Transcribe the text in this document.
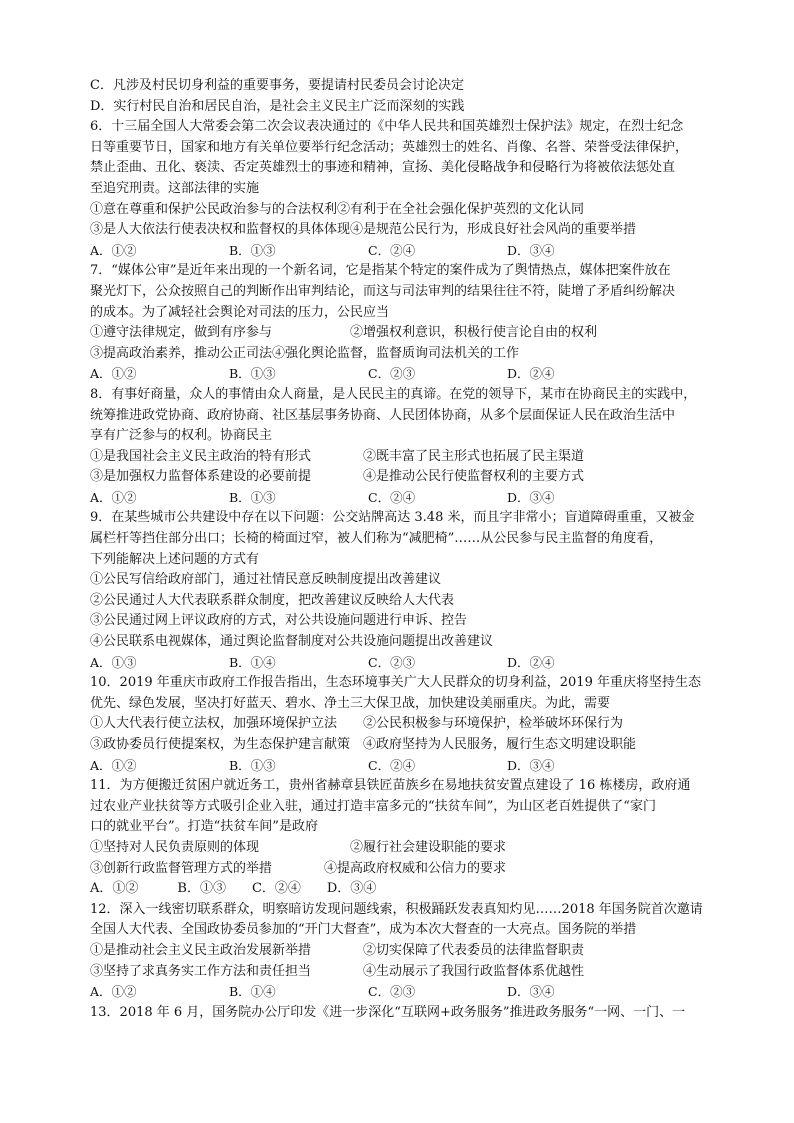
C．凡涉及村民切身利益的重要事务，要提请村民委员会讨论决定
D．实行村民自治和居民自治，是社会主义民主广泛而深刻的实践
6．十三届全国人大常委会第二次会议表决通过的《中华人民共和国英雄烈士保护法》规定，在烈士纪念
日等重要节日，国家和地方有关单位要举行纪念活动；英雄烈士的姓名、肖像、名誉、荣誉受法律保护，
禁止歪曲、丑化、亵渎、否定英雄烈士的事迹和精神，宣扬、美化侵略战争和侵略行为将被依法惩处直
至追究刑责。这部法律的实施
①意在尊重和保护公民政治参与的合法权利②有利于在全社会强化保护英烈的文化认同
③是人大依法行使表决权和监督权的具体体现④是规范公民行为，形成良好社会风尚的重要举措
A．①②	B．①③	C．②④	D．③④
7．“媒体公审”是近年来出现的一个新名词，它是指某个特定的案件成为了舆情热点，媒体把案件放在
聚光灯下，公众按照自己的判断作出审判结论，而这与司法审判的结果往往不符，陡增了矛盾纠纷解决
的成本。为了减轻社会舆论对司法的压力，公民应当
①遵守法律规定，做到有序参与　　　　　　②增强权利意识，积极行使言论自由的权利
③提高政治素养，推动公正司法④强化舆论监督，监督质询司法机关的工作
A．①②	B．①③	C．②③	D．②④
8．有事好商量，众人的事情由众人商量，是人民民主的真谛。在党的领导下，某市在协商民主的实践中，
统筹推进政党协商、政府协商、社区基层事务协商、人民团体协商，从多个层面保证人民在政治生活中
享有广泛参与的权利。协商民主
①是我国社会主义民主政治的特有形式　　　　②既丰富了民主形式也拓展了民主渠道
③是加强权力监督体系建设的必要前提　　　　④是推动公民行使监督权利的主要方式
A．①②	B．①③	C．②④	D．③④
9．在某些城市公共建设中存在以下问题：公交站牌高达 3.48 米，而且字非常小；盲道障碍重重，又被金
属栏杆等挡住部分出口；长椅的椅面过窄，被人们称为“减肥椅”……从公民参与民主监督的角度看，
下列能解决上述问题的方式有
①公民写信给政府部门，通过社情民意反映制度提出改善建议
②公民通过人大代表联系群众制度，把改善建议反映给人大代表
③公民通过网上评议政府的方式，对公共设施问题进行申诉、控告
④公民联系电视媒体，通过舆论监督制度对公共设施问题提出改善建议
A．①③	B．①④	C．②③	D．②④
10．2019 年重庆市政府工作报告指出，生态环境事关广大人民群众的切身利益，2019 年重庆将坚持生态
优先、绿色发展，坚决打好蓝天、碧水、净土三大保卫战，加快建设美丽重庆。为此，需要
①人大代表行使立法权，加强环境保护立法　　②公民积极参与环境保护，检举破坏环保行为
③政协委员行使提案权，为生态保护建言献策　④政府坚持为人民服务，履行生态文明建设职能
A．①②	B．①③	C．②④	D．③④
11．为方便搬迁贫困户就近务工，贵州省赫章县铁匠苗族乡在易地扶贫安置点建设了 16 栋楼房，政府通
过农业产业扶贫等方式吸引企业入驻，通过打造丰富多元的“扶贫车间”，为山区老百姓提供了“家门
口的就业平台”。打造“扶贫车间”是政府
①坚持对人民负责原则的体现　　　　　　　②履行社会建设职能的要求
③创新行政监督管理方式的举措　　　　④提高政府权威和公信力的要求
A．①②　　　B．①③　　C．②④　　D．③④
12．深入一线密切联系群众，明察暗访发现问题线索，积极踊跃发表真知灼见……2018 年国务院首次邀请
全国人大代表、全国政协委员参加的“开门大督查”，成为本次大督查的一大亮点。国务院的举措
①是推动社会主义民主政治发展新举措　　　　②切实保障了代表委员的法律监督职责
③坚持了求真务实工作方法和责任担当　　　　④生动展示了我国行政监督体系优越性
A．①②	B．①④	C．②③	D．③④
13．2018 年 6 月，国务院办公厅印发《进一步深化“互联网+政务服务”推进政务服务“一网、一门、一
